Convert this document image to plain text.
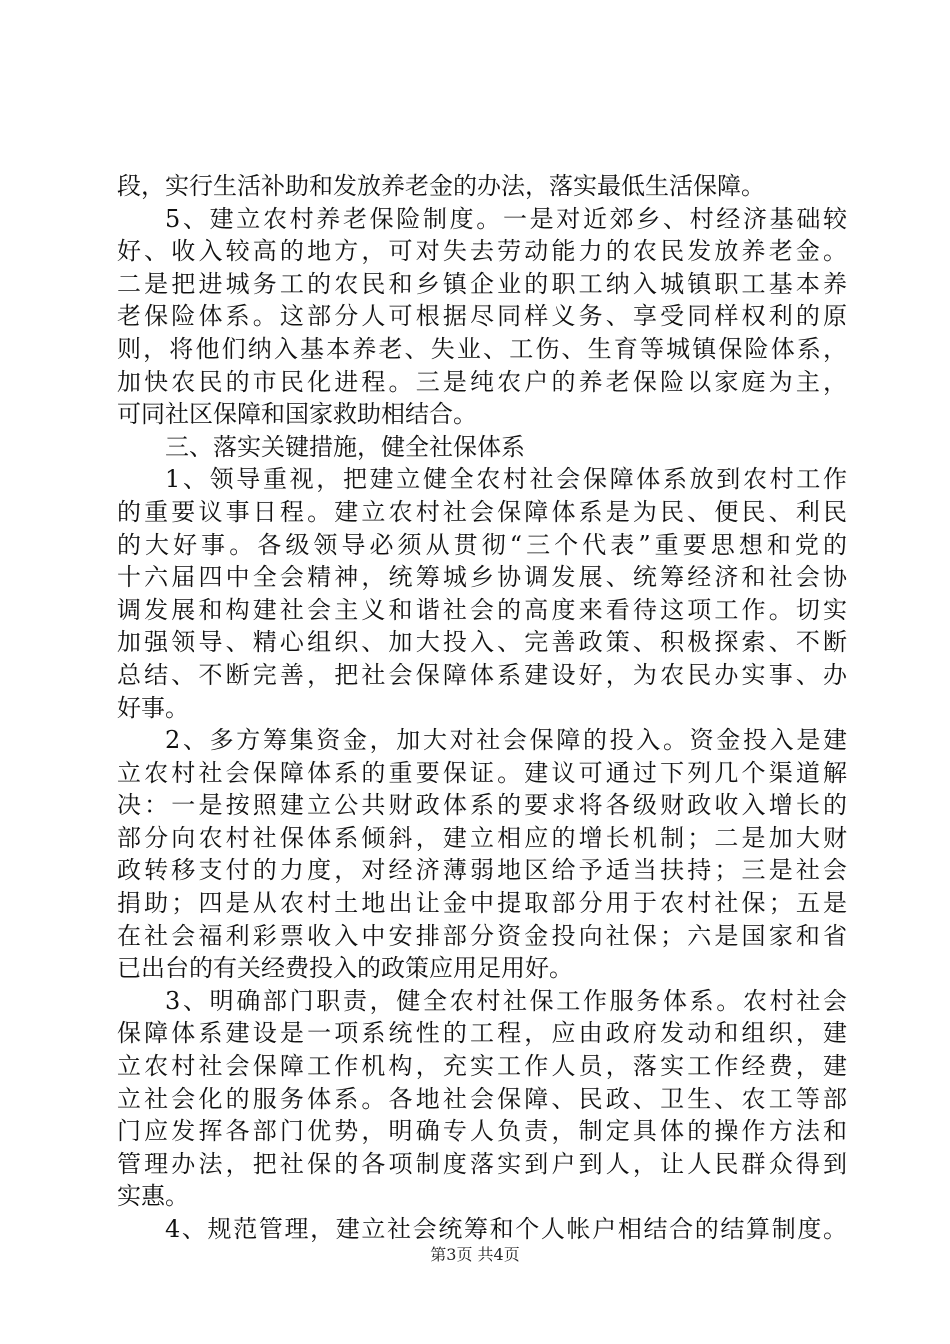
段，实行生活补助和发放养老金的办法，落实最低生活保障。
5、建立农村养老保险制度。一是对近郊乡、村经济基础较
好、收入较高的地方，可对失去劳动能力的农民发放养老金。
二是把进城务工的农民和乡镇企业的职工纳入城镇职工基本养
老保险体系。这部分人可根据尽同样义务、享受同样权利的原
则，将他们纳入基本养老、失业、工伤、生育等城镇保险体系，
加快农民的市民化进程。三是纯农户的养老保险以家庭为主，
可同社区保障和国家救助相结合。
三、落实关键措施，健全社保体系
1、领导重视，把建立健全农村社会保障体系放到农村工作
的重要议事日程。建立农村社会保障体系是为民、便民、利民
的大好事。各级领导必须从贯彻“三个代表”重要思想和党的
十六届四中全会精神，统筹城乡协调发展、统筹经济和社会协
调发展和构建社会主义和谐社会的高度来看待这项工作。切实
加强领导、精心组织、加大投入、完善政策、积极探索、不断
总结、不断完善，把社会保障体系建设好，为农民办实事、办
好事。
2、多方筹集资金，加大对社会保障的投入。资金投入是建
立农村社会保障体系的重要保证。建议可通过下列几个渠道解
决：一是按照建立公共财政体系的要求将各级财政收入增长的
部分向农村社保体系倾斜，建立相应的增长机制；二是加大财
政转移支付的力度，对经济薄弱地区给予适当扶持；三是社会
捐助；四是从农村土地出让金中提取部分用于农村社保；五是
在社会福利彩票收入中安排部分资金投向社保；六是国家和省
已出台的有关经费投入的政策应用足用好。
3、明确部门职责，健全农村社保工作服务体系。农村社会
保障体系建设是一项系统性的工程，应由政府发动和组织，建
立农村社会保障工作机构，充实工作人员，落实工作经费，建
立社会化的服务体系。各地社会保障、民政、卫生、农工等部
门应发挥各部门优势，明确专人负责，制定具体的操作方法和
管理办法，把社保的各项制度落实到户到人，让人民群众得到
实惠。
4、规范管理，建立社会统筹和个人帐户相结合的结算制度。
第3页 共4页
